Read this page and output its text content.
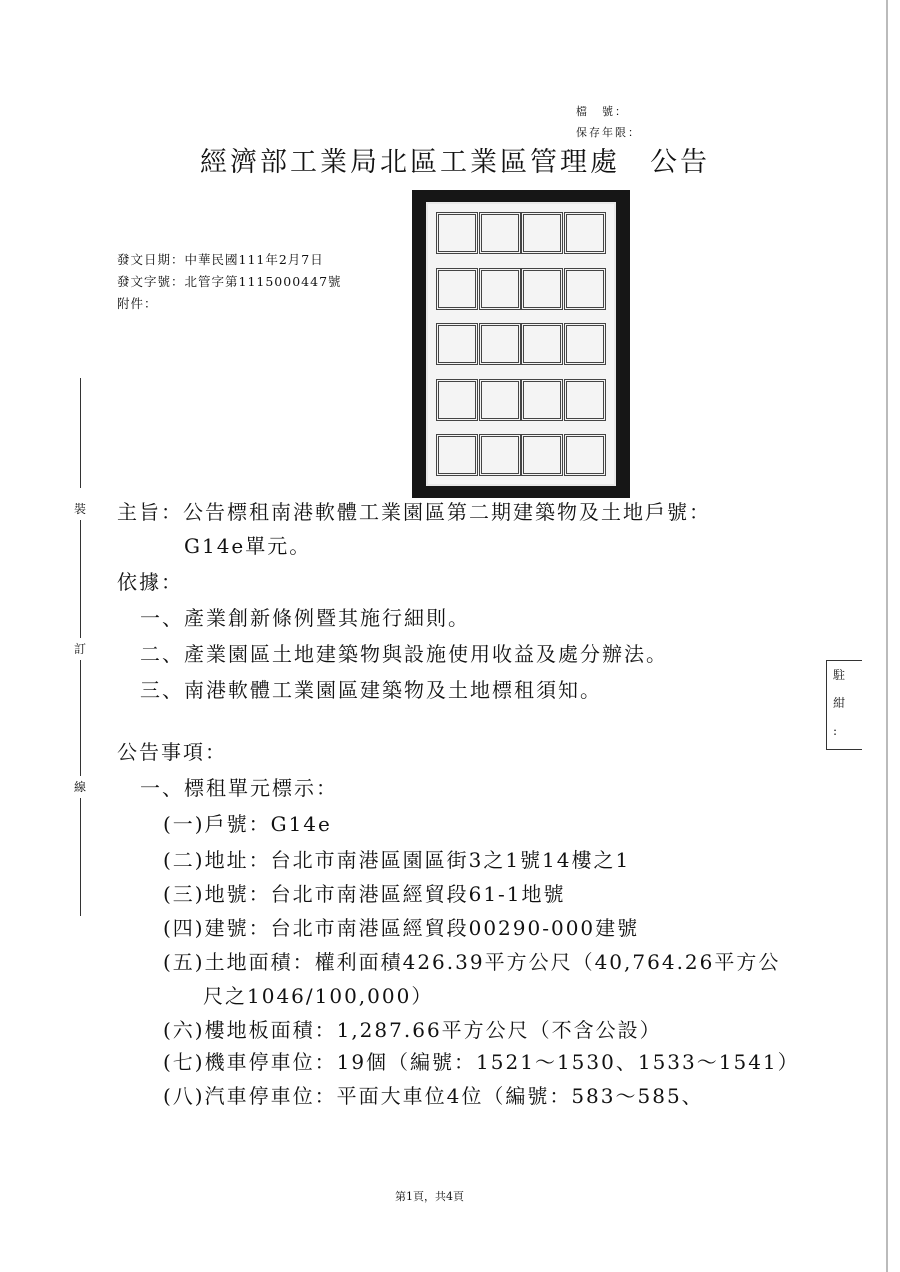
檔　號：
保存年限：
經濟部工業局北區工業區管理處　公告
發文日期：中華民國111年2月7日
發文字號：北管字第1115000447號
附件：
裝
訂
線
主旨：公告標租南港軟體工業園區第二期建築物及土地戶號：
G14e單元。
依據：
一、產業創新條例暨其施行細則。
二、產業園區土地建築物與設施使用收益及處分辦法。
三、南港軟體工業園區建築物及土地標租須知。
駐
紺
:
公告事項：
一、標租單元標示：
(一)戶號：G14e
(二)地址：台北市南港區園區街3之1號14樓之1
(三)地號：台北市南港區經貿段61-1地號
(四)建號：台北市南港區經貿段00290-000建號
(五)土地面積：權利面積426.39平方公尺（40,764.26平方公
尺之1046/100,000）
(六)樓地板面積：1,287.66平方公尺（不含公設）
(七)機車停車位：19個（編號：1521～1530、1533～1541）
(八)汽車停車位：平面大車位4位（編號：583～585、
第1頁，共4頁
